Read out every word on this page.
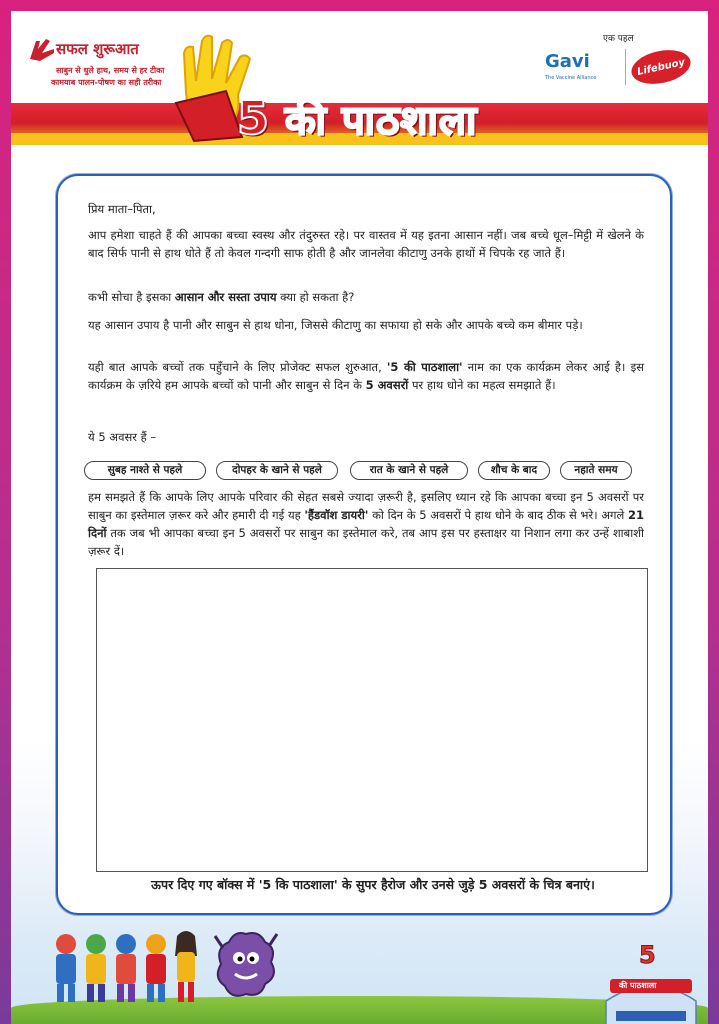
सफल शुरूआत
साबुन से धुले हाथ, समय से हर टीका
कामयाब पालन-पोषण का सही तरीका
5 की पाठशाला
एक पहल
Gavi
The Vaccine Alliance
Lifebuoy
प्रिय माता–पिता,
आप हमेशा चाहते हैं की आपका बच्चा स्वस्थ और तंदुरुस्त रहे। पर वास्तव में यह इतना आसान नहीं। जब बच्चे धूल–मिट्टी में खेलने के बाद सिर्फ पानी से हाथ धोते हैं तो केवल गन्दगी साफ होती है और जानलेवा कीटाणु उनके हाथों में चिपके रह जाते हैं।
कभी सोचा है इसका आसान और सस्ता उपाय क्या हो सकता है?
यह आसान उपाय है पानी और साबुन से हाथ धोना, जिससे कीटाणु का सफाया हो सके और आपके बच्चे कम बीमार पड़े।
यही बात आपके बच्चों तक पहुँचाने के लिए प्रोजेक्ट सफल शुरुआत, '5 की पाठशाला' नाम का एक कार्यक्रम लेकर आई है। इस कार्यक्रम के ज़रिये हम आपके बच्चों को पानी और साबुन से दिन के 5 अवसरों पर हाथ धोने का महत्व समझाते हैं।
ये 5 अवसर हैं –
सुबह नाश्ते से पहले	दोपहर के खाने से पहले	रात के खाने से पहले	शौच के बाद	नहाते समय
हम समझते हैं कि आपके लिए आपके परिवार की सेहत सबसे ज्यादा ज़रूरी है, इसलिए ध्यान रहे कि आपका बच्चा इन 5 अवसरों पर साबुन का इस्तेमाल ज़रूर करे और हमारी दी गई यह 'हैंडवॉश डायरी' को दिन के 5 अवसरों पे हाथ धोने के बाद ठीक से भरे। अगले 21 दिनों तक जब भी आपका बच्चा इन 5 अवसरों पर साबुन का इस्तेमाल करे, तब आप इस पर हस्ताक्षर या निशान लगा कर उन्हें शाबाशी ज़रूर दें।
ऊपर दिए गए बॉक्स में '5 कि पाठशाला' के सुपर हैरोज और उनसे जुड़े 5 अवसरों के चित्र बनाएं।
5
की पाठशाला
